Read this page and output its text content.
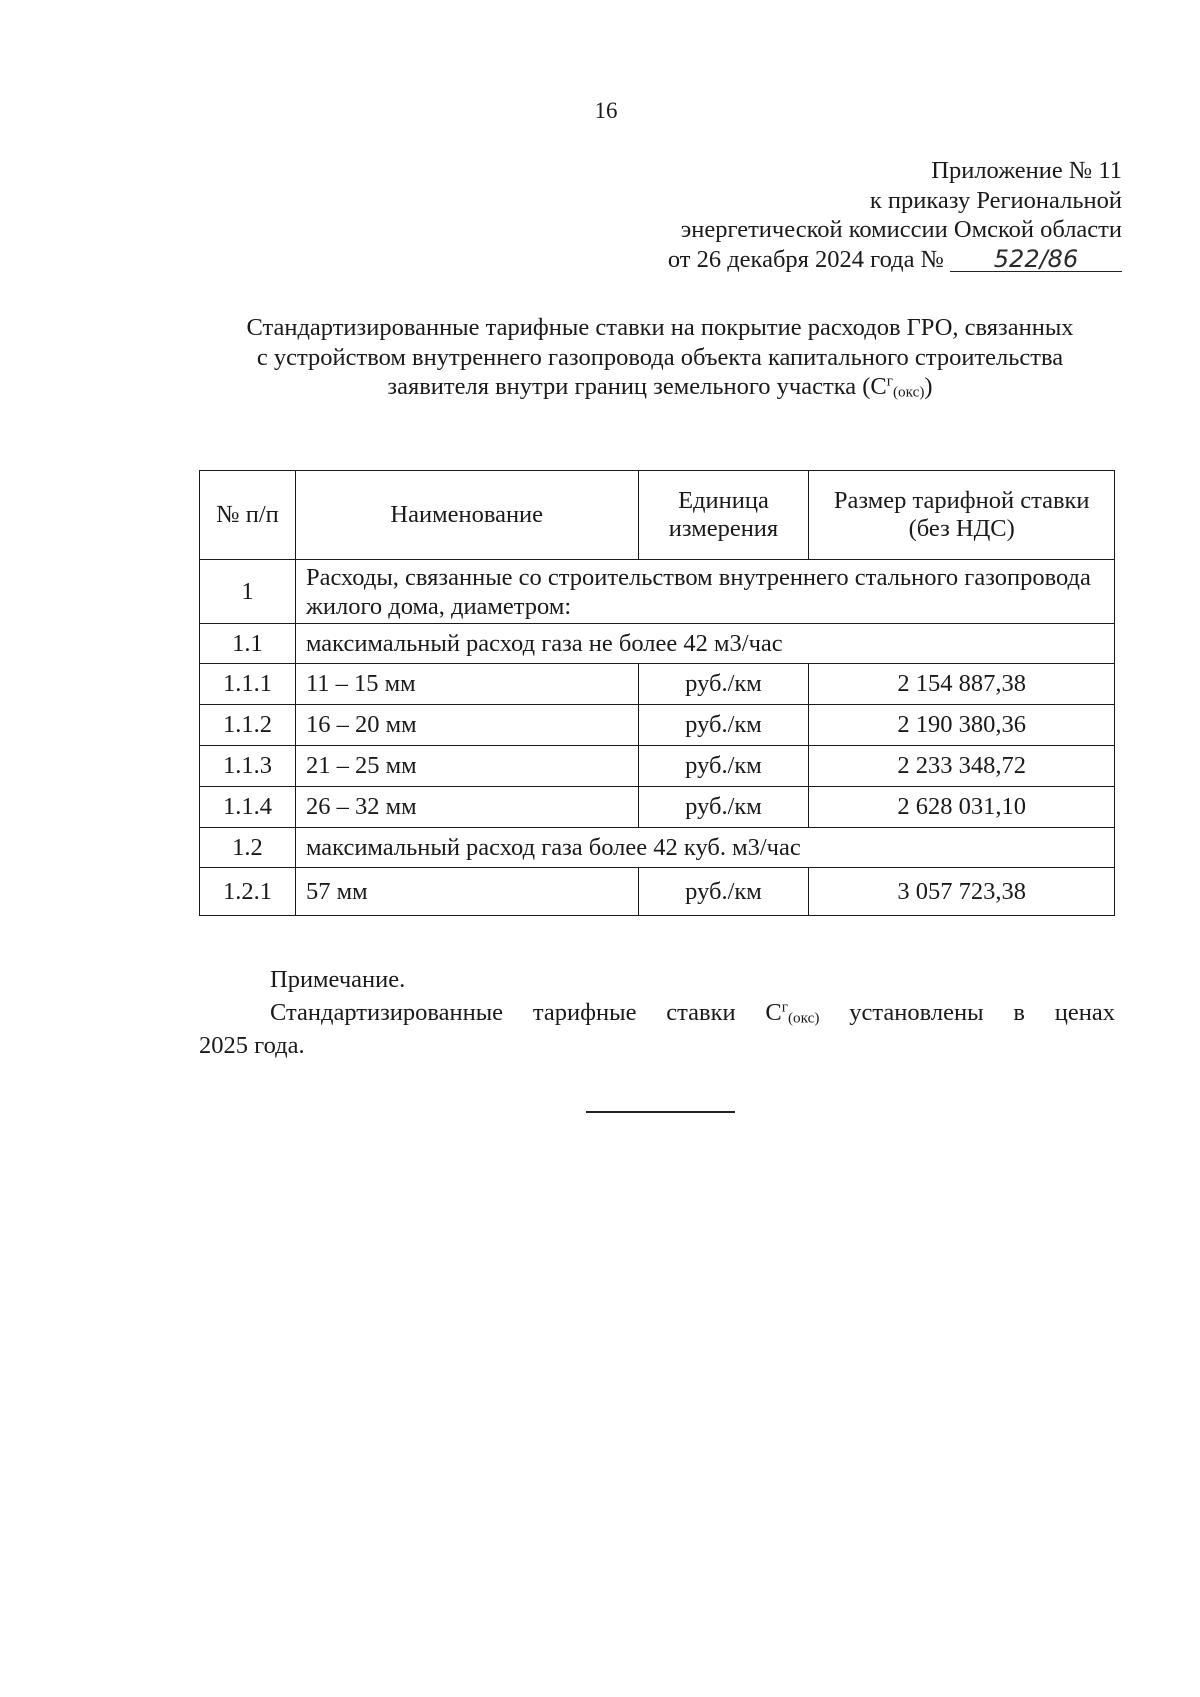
16
Приложение № 11
к приказу Региональной
энергетической комиссии Омской области
от 26 декабря 2024 года № 522/86
Стандартизированные тарифные ставки на покрытие расходов ГРО, связанных
с устройством внутреннего газопровода объекта капитального строительства
заявителя внутри границ земельного участка $(С^г_{(окс)})$
№ п/п	Наименование	Единица измерения	Размер тарифной ставки (без НДС)
1	Расходы, связанные со строительством внутреннего стального газопровода жилого дома, диаметром:		
1.1	максимальный расход газа не более 42 м3/час		
1.1.1	11 – 15 мм	руб./км	2 154 887,38
1.1.2	16 – 20 мм	руб./км	2 190 380,36
1.1.3	21 – 25 мм	руб./км	2 233 348,72
1.1.4	26 – 32 мм	руб./км	2 628 031,10
1.2	максимальный расход газа более 42 куб. м3/час		
1.2.1	57 мм	руб./км	3 057 723,38
Примечание.
Стандартизированные тарифные ставки $С^г_{(окс)}$ установлены в ценах
2025 года.
